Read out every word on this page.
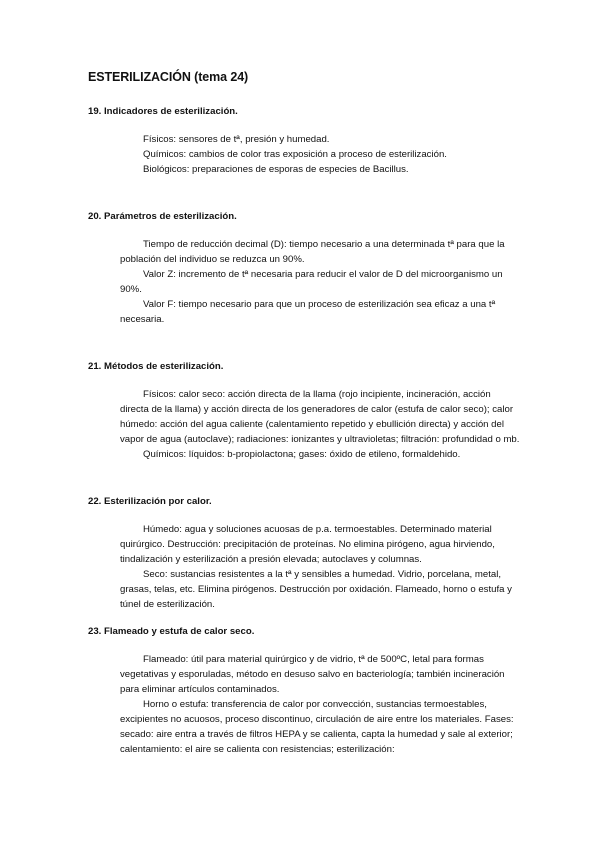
ESTERILIZACIÓN (tema 24)
19. Indicadores de esterilización.

Físicos: sensores de tª, presión y humedad.

Químicos: cambios de color tras exposición a proceso de esterilización.

Biológicos: preparaciones de esporas de especies de Bacillus.

20. Parámetros de esterilización.

Tiempo de reducción decimal (D): tiempo necesario a una determinada tª para que la población del individuo se reduzca un 90%.

Valor Z: incremento de tª necesaria para reducir el valor de D del microorganismo un 90%.

Valor F: tiempo necesario para que un proceso de esterilización sea eficaz a una tª necesaria.

21. Métodos de esterilización.

Físicos: calor seco: acción directa de la llama (rojo incipiente, incineración, acción directa de la llama) y acción directa de los generadores de calor (estufa de calor seco); calor húmedo: acción del agua caliente (calentamiento repetido y ebullición directa) y acción del vapor de agua (autoclave); radiaciones: ionizantes y ultravioletas; filtración: profundidad o mb.

Químicos: líquidos: b-propiolactona; gases: óxido de etileno, formaldehido.

22. Esterilización por calor.

Húmedo: agua y soluciones acuosas de p.a. termoestables. Determinado material quirúrgico. Destrucción: precipitación de proteínas. No elimina pirógeno, agua hirviendo, tindalización y esterilización a presión elevada; autoclaves y columnas.

Seco: sustancias resistentes a la tª y sensibles a humedad. Vidrio, porcelana, metal, grasas, telas, etc. Elimina pirógenos. Destrucción por oxidación. Flameado, horno o estufa y túnel de esterilización.

23. Flameado y estufa de calor seco.

Flameado: útil para material quirúrgico y de vidrio, tª de 500ºC, letal para formas vegetativas y esporuladas, método en desuso salvo en bacteriología; también incineración para eliminar artículos contaminados.

Horno o estufa: transferencia de calor por convección, sustancias termoestables, excipientes no acuosos, proceso discontinuo, circulación de aire entre los materiales. Fases: secado: aire entra a través de filtros HEPA y se calienta, capta la humedad y sale al exterior; calentamiento: el aire se calienta con resistencias; esterilización:
